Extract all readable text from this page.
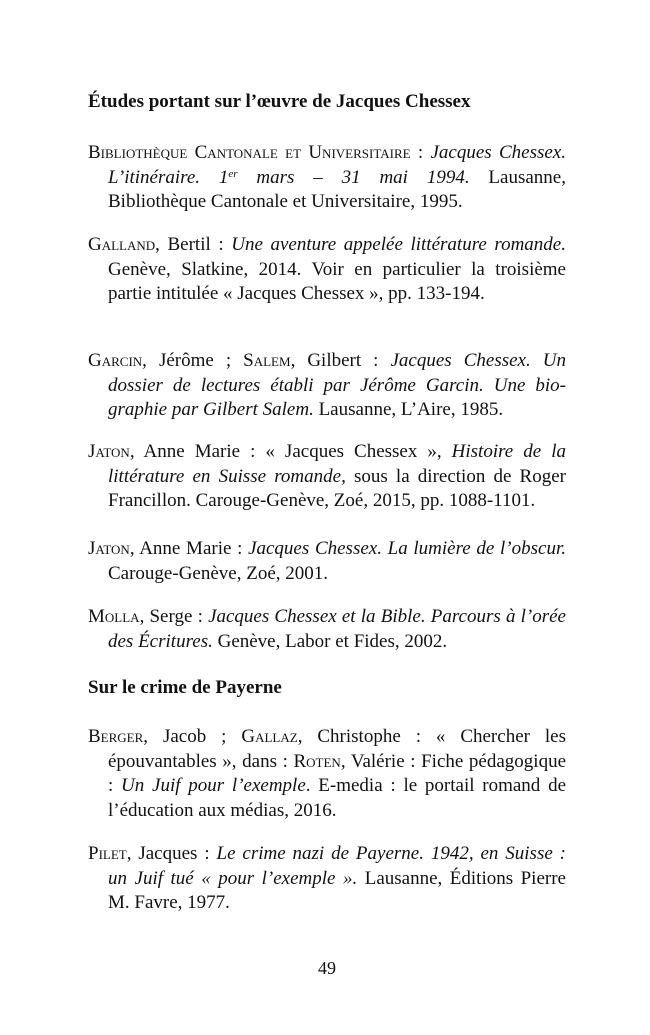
Études portant sur l’œuvre de Jacques Chessex
Bibliothèque Cantonale et Universitaire : Jacques Chessex. L’itinéraire. 1er mars – 31 mai 1994. Lausanne, Bibliothèque Cantonale et Universitaire, 1995.
Galland, Bertil : Une aventure appelée littérature romande. Genève, Slatkine, 2014. Voir en particulier la troisième partie intitulée « Jacques Chessex », pp. 133-194.
Garcin, Jérôme ; Salem, Gilbert : Jacques Chessex. Un dossier de lectures établi par Jérôme Garcin. Une biographie par Gilbert Salem. Lausanne, L’Aire, 1985.
Jaton, Anne Marie : « Jacques Chessex », Histoire de la littérature en Suisse romande, sous la direction de Roger Francillon. Carouge-Genève, Zoé, 2015, pp. 1088-1101.
Jaton, Anne Marie : Jacques Chessex. La lumière de l’obscur. Carouge-Genève, Zoé, 2001.
Molla, Serge : Jacques Chessex et la Bible. Parcours à l’orée des Écritures. Genève, Labor et Fides, 2002.
Sur le crime de Payerne
Berger, Jacob ; Gallaz, Christophe : « Chercher les épouvantables », dans : Roten, Valérie : Fiche pédagogique : Un Juif pour l’exemple. E-media : le portail romand de l’éducation aux médias, 2016.
Pilet, Jacques : Le crime nazi de Payerne. 1942, en Suisse : un Juif tué « pour l’exemple ». Lausanne, Éditions Pierre M. Favre, 1977.
49
